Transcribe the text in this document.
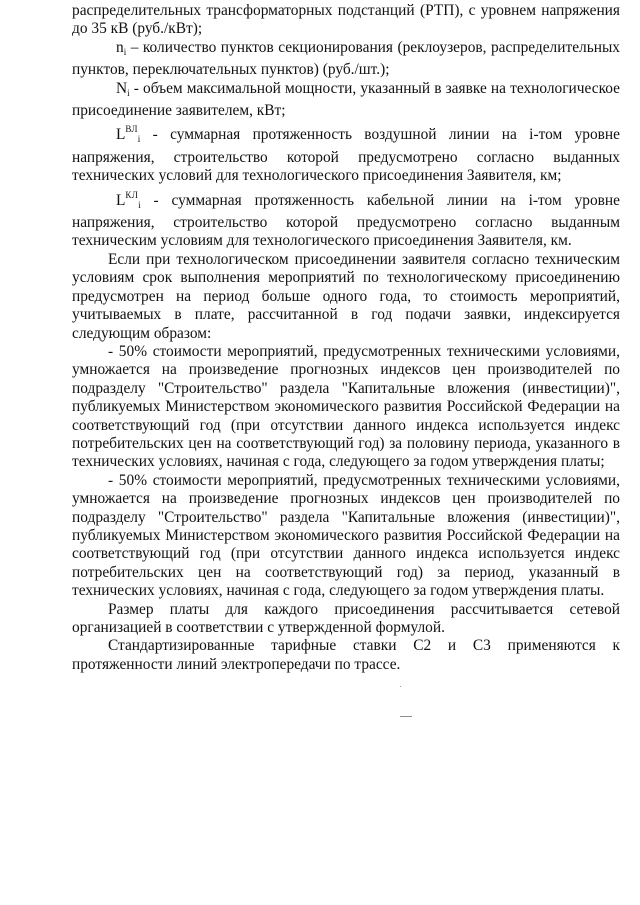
распределительных трансформаторных подстанций (РТП), с уровнем напряжения до 35 кВ (руб./кВт);

$n_i$ – количество пунктов секционирования (реклоузеров, распределительных пунктов, переключательных пунктов) (руб./шт.);

$N_i$ - объем максимальной мощности, указанный в заявке на технологическое присоединение заявителем, кВт;

$L^{ВЛ}_i$ - суммарная протяженность воздушной линии на i-том уровне напряжения, строительство которой предусмотрено согласно выданных технических условий для технологического присоединения Заявителя, км;

$L^{КЛ}_i$ - суммарная протяженность кабельной линии на i-том уровне напряжения, строительство которой предусмотрено согласно выданным техническим условиям для технологического присоединения Заявителя, км.

Если при технологическом присоединении заявителя согласно техническим условиям срок выполнения мероприятий по технологическому присоединению предусмотрен на период больше одного года, то стоимость мероприятий, учитываемых в плате, рассчитанной в год подачи заявки, индексируется следующим образом:

- 50% стоимости мероприятий, предусмотренных техническими условиями, умножается на произведение прогнозных индексов цен производителей по подразделу "Строительство" раздела "Капитальные вложения (инвестиции)", публикуемых Министерством экономического развития Российской Федерации на соответствующий год (при отсутствии данного индекса используется индекс потребительских цен на соответствующий год) за половину периода, указанного в технических условиях, начиная с года, следующего за годом утверждения платы;

- 50% стоимости мероприятий, предусмотренных техническими условиями, умножается на произведение прогнозных индексов цен производителей по подразделу "Строительство" раздела "Капитальные вложения (инвестиции)", публикуемых Министерством экономического развития Российской Федерации на соответствующий год (при отсутствии данного индекса используется индекс потребительских цен на соответствующий год) за период, указанный в технических условиях, начиная с года, следующего за годом утверждения платы.

Размер платы для каждого присоединения рассчитывается сетевой организацией в соответствии с утвержденной формулой.

Стандартизированные тарифные ставки С2 и С3 применяются к протяженности линий электропередачи по трассе.
